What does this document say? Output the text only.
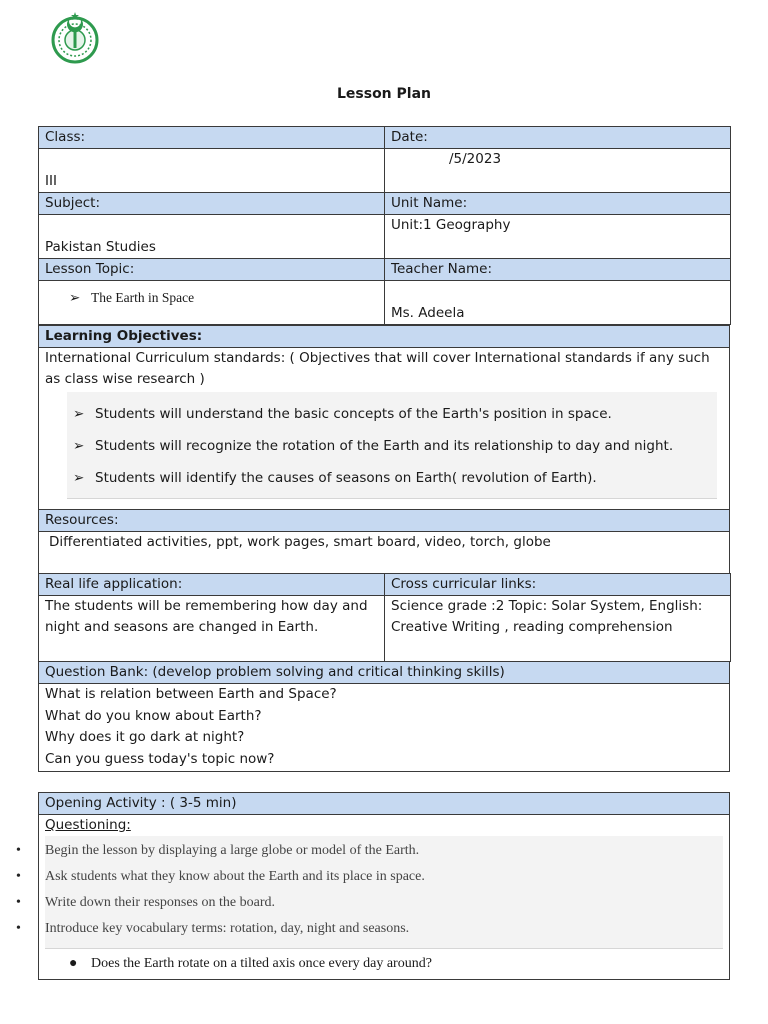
Lesson Plan
Class:	Date:
III	/5/2023
Subject:	Unit Name:
Pakistan Studies	Unit:1 Geography
Lesson Topic:	Teacher Name:
➢ The Earth in Space	Ms. Adeela
Learning Objectives:

International Curriculum standards: ( Objectives that will cover International standards if any such as class wise research )
➢ Students will understand the basic concepts of the Earth's position in space.
➢ Students will recognize the rotation of the Earth and its relationship to day and night.
➢ Students will identify the causes of seasons on Earth( revolution of Earth).

Resources:
Differentiated activities, ppt, work pages, smart board, video, torch, globe
Real life application:	Cross curricular links:
The students will be remembering how day and night and seasons are changed in Earth.	Science grade :2 Topic: Solar System, English: Creative Writing , reading comprehension
Question Bank: (develop problem solving and critical thinking skills)

What is relation between Earth and Space?
What do you know about Earth?
Why does it go dark at night?
Can you guess today's topic now?
Opening Activity : ( 3-5 min)

Questioning:
● Does the Earth rotate on a tilted axis once every day around?
•	Begin the lesson by displaying a large globe or model of the Earth.
•	Ask students what they know about the Earth and its place in space.
•	Write down their responses on the board.
•	Introduce key vocabulary terms: rotation, day, night and seasons.
